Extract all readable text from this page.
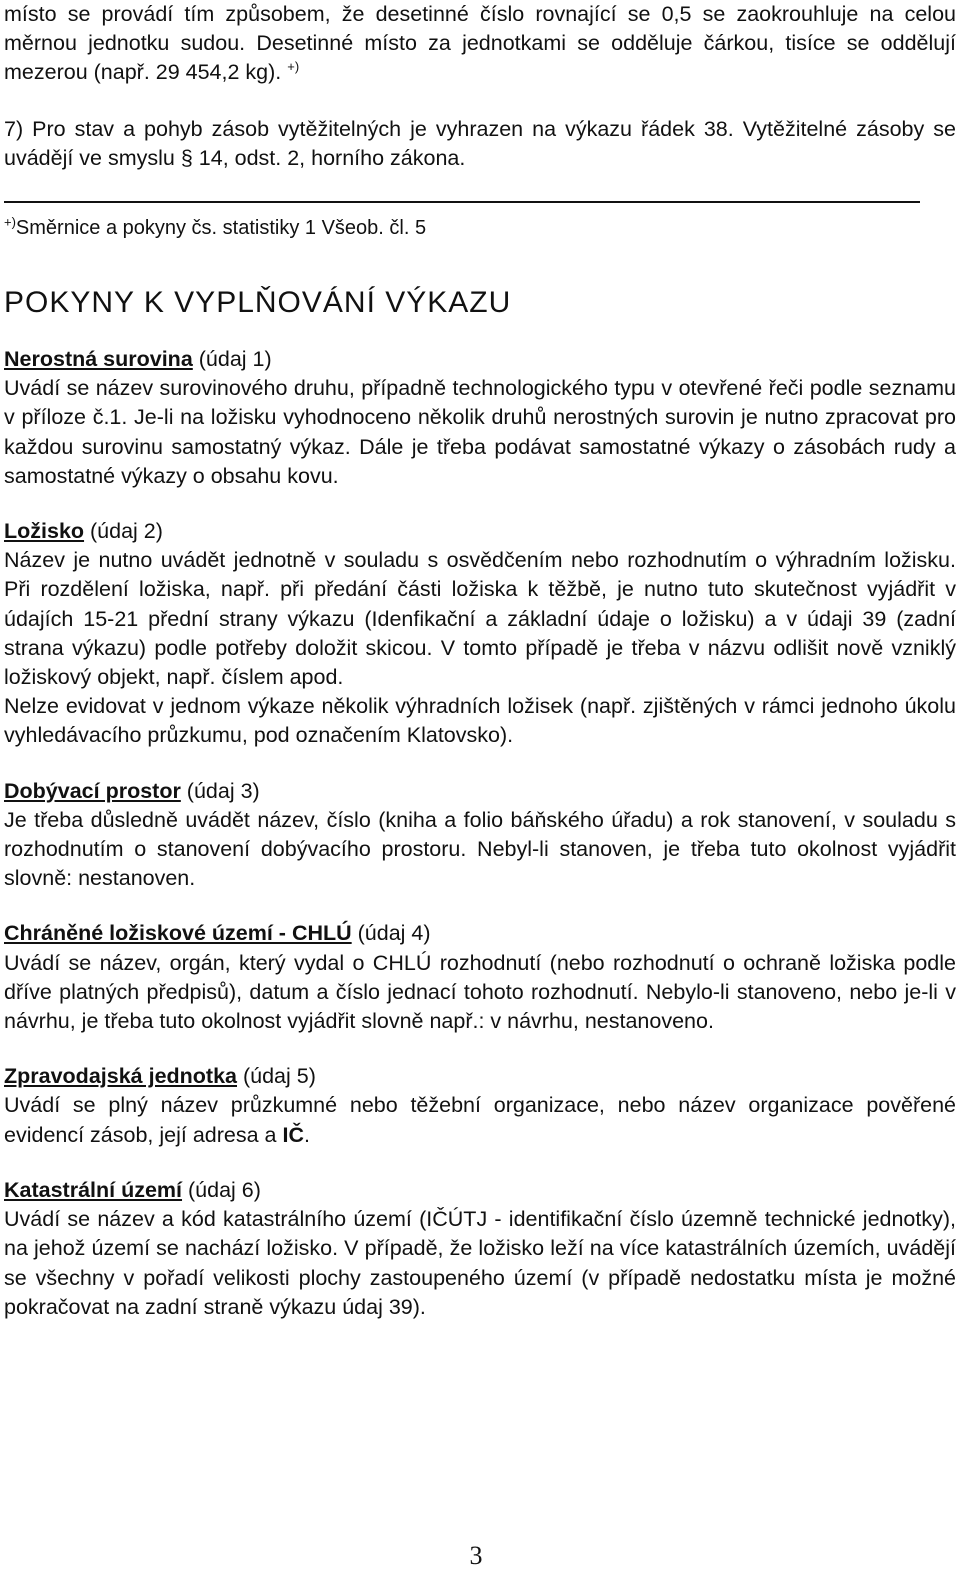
místo se provádí tím způsobem, že desetinné číslo rovnající se 0,5 se zaokrouhluje na celou měrnou jednotku sudou. Desetinné místo za jednotkami se odděluje čárkou, tisíce se oddělují mezerou (např. 29 454,2 kg). +)

7) Pro stav a pohyb zásob vytěžitelných je vyhrazen na výkazu řádek 38. Vytěžitelné zásoby se uvádějí ve smyslu § 14, odst. 2, horního zákona.

+)Směrnice a pokyny čs. statistiky 1 Všeob. čl. 5

POKYNY K VYPLŇOVÁNÍ VÝKAZU

Nerostná surovina (údaj 1)

Uvádí se název surovinového druhu, případně technologického typu v otevřené řeči podle seznamu v příloze č.1. Je-li na ložisku vyhodnoceno několik druhů nerostných surovin je nutno zpracovat pro každou surovinu samostatný výkaz. Dále je třeba podávat samostatné výkazy o zásobách rudy a samostatné výkazy o obsahu kovu.

Ložisko (údaj 2)

Název je nutno uvádět jednotně v souladu s osvědčením nebo rozhodnutím o výhradním ložisku. Při rozdělení ložiska, např. při předání části ložiska k těžbě, je nutno tuto skutečnost vyjádřit v údajích 15-21 přední strany výkazu (Idenfikační a základní údaje o ložisku) a v údaji 39 (zadní strana výkazu) podle potřeby doložit skicou. V tomto případě je třeba v názvu odlišit nově vzniklý ložiskový objekt, např. číslem apod.

Nelze evidovat v jednom výkaze několik výhradních ložisek (např. zjištěných v rámci jednoho úkolu vyhledávacího průzkumu, pod označením Klatovsko).

Dobývací prostor (údaj 3)

Je třeba důsledně uvádět název, číslo (kniha a folio báňského úřadu) a rok stanovení, v souladu s rozhodnutím o stanovení dobývacího prostoru. Nebyl-li stanoven, je třeba tuto okolnost vyjádřit slovně: nestanoven.

Chráněné ložiskové území - CHLÚ (údaj 4)

Uvádí se název, orgán, který vydal o CHLÚ rozhodnutí (nebo rozhodnutí o ochraně ložiska podle dříve platných předpisů), datum a číslo jednací tohoto rozhodnutí. Nebylo-li stanoveno, nebo je-li v návrhu, je třeba tuto okolnost vyjádřit slovně např.: v návrhu, nestanoveno.

Zpravodajská jednotka (údaj 5)

Uvádí se plný název průzkumné nebo těžební organizace, nebo název organizace pověřené evidencí zásob, její adresa a IČ.

Katastrální území (údaj 6)

Uvádí se název a kód katastrálního území (IČÚTJ - identifikační číslo územně technické jednotky), na jehož území se nachází ložisko. V případě, že ložisko leží na více katastrálních územích, uvádějí se všechny v pořadí velikosti plochy zastoupeného území (v případě nedostatku místa je možné pokračovat na zadní straně výkazu údaj 39).

3
